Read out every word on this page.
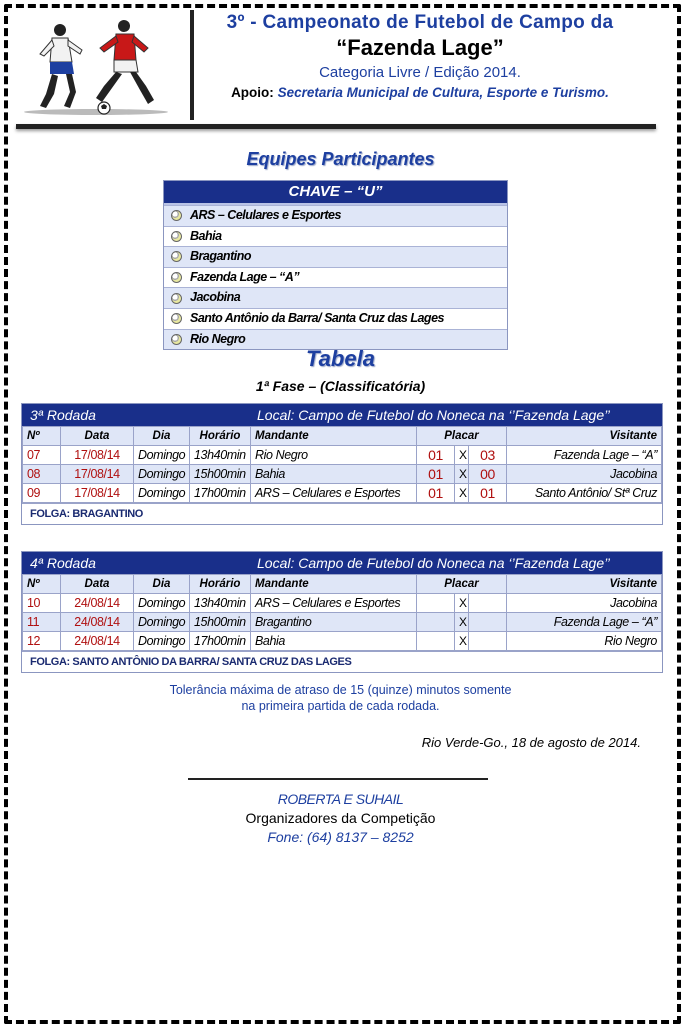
3º - Campeonato de Futebol de Campo da
“Fazenda Lage”
Categoria Livre / Edição 2014.
Apoio: Secretaria Municipal de Cultura, Esporte e Turismo.
Equipes Participantes
CHAVE – “U”
ARS – Celulares e Esportes
Bahia
Bragantino
Fazenda Lage – “A”
Jacobina
Santo Antônio da Barra/ Santa Cruz das Lages
Rio Negro
Tabela
1ª Fase – (Classificatória)
3ª Rodada	Local: Campo de Futebol do Noneca na ‘’Fazenda Lage’’
Nº	Data	Dia	Horário	Mandante	Placar			Visitante
07	17/08/14	Domingo	13h40min	Rio Negro	01	X	03	Fazenda Lage – “A”
08	17/08/14	Domingo	15h00min	Bahia	01	X	00	Jacobina
09	17/08/14	Domingo	17h00min	ARS – Celulares e Esportes	01	X	01	Santo Antônio/ Stª Cruz
FOLGA: BRAGANTINO
4ª Rodada	Local: Campo de Futebol do Noneca na ‘’Fazenda Lage’’
Nº	Data	Dia	Horário	Mandante	Placar			Visitante
10	24/08/14	Domingo	13h40min	ARS – Celulares e Esportes		X		Jacobina
11	24/08/14	Domingo	15h00min	Bragantino		X		Fazenda Lage – “A”
12	24/08/14	Domingo	17h00min	Bahia		X		Rio Negro
FOLGA: SANTO ANTÔNIO DA BARRA/ SANTA CRUZ DAS LAGES
Tolerância máxima de atraso de 15 (quinze) minutos somente
na primeira partida de cada rodada.
Rio Verde-Go., 18 de agosto de 2014.
ROBERTA E SUHAIL
Organizadores da Competição
Fone: (64) 8137 – 8252
